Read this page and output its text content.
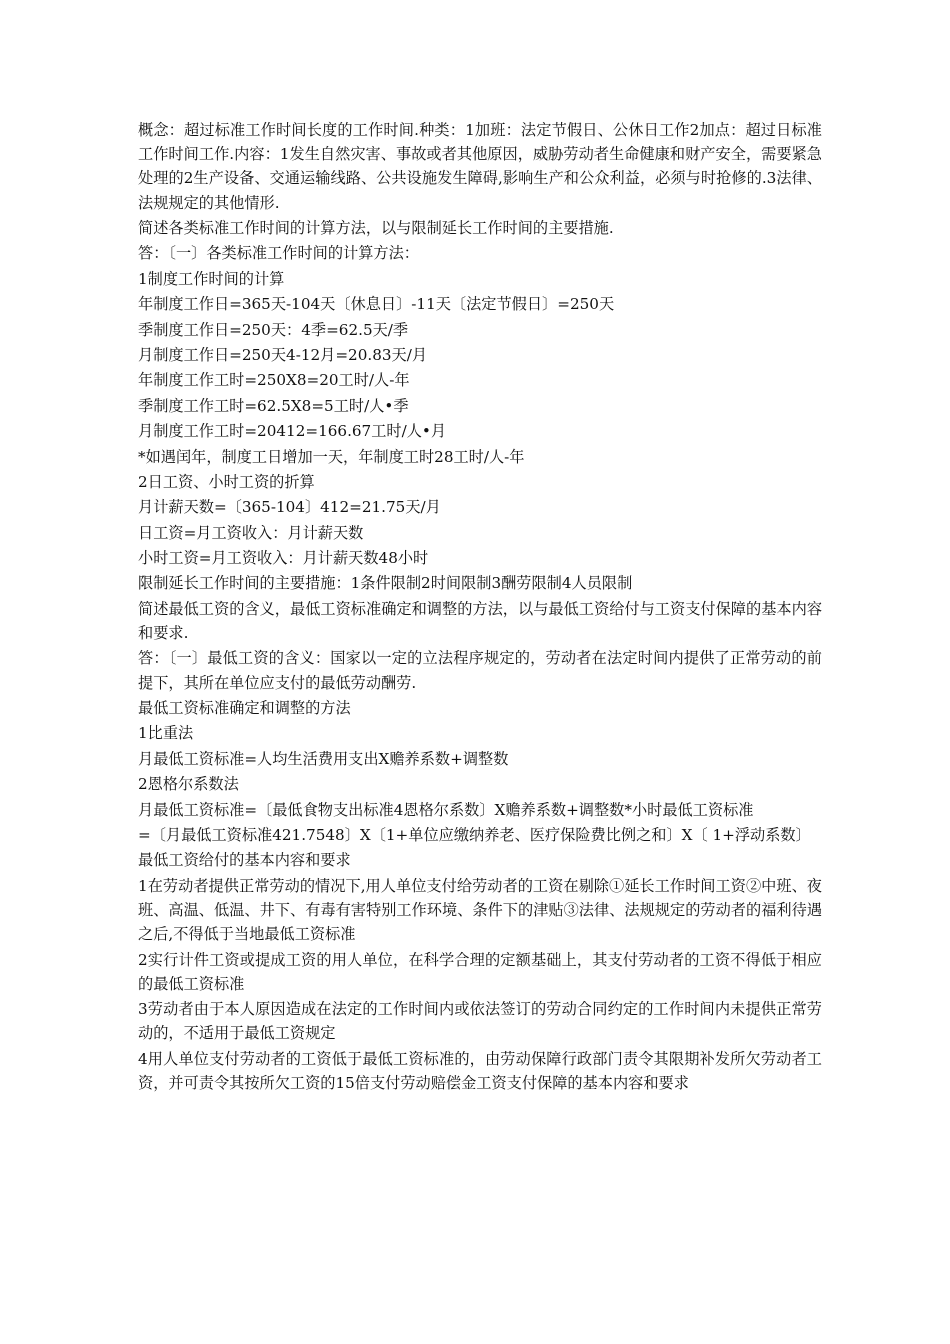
概念：超过标准工作时间长度的工作时间.种类：1加班：法定节假日、公休日工作2加点：超过日标准工作时间工作.内容：1发生自然灾害、事故或者其他原因，威胁劳动者生命健康和财产安全，需要紧急处理的2生产设备、交通运输线路、公共设施发生障碍,影响生产和公众利益，必须与时抢修的.3法律、法规规定的其他情形.

简述各类标准工作时间的计算方法，以与限制延长工作时间的主要措施.

答：〔一〕各类标准工作时间的计算方法：

1制度工作时间的计算

年制度工作日=365天-104天〔休息日〕-11天〔法定节假日〕=250天

季制度工作日=250天：4季=62.5天/季

月制度工作日=250天4-12月=20.83天/月

年制度工作工时=250X8=20工时/人-年

季制度工作工时=62.5X8=5工时/人•季

月制度工作工时=20412=166.67工时/人•月

*如遇闰年，制度工日增加一天，年制度工时28工时/人-年

2日工资、小时工资的折算

月计薪天数=〔365-104〕412=21.75天/月

日工资=月工资收入：月计薪天数

小时工资=月工资收入：月计薪天数48小时

限制延长工作时间的主要措施：1条件限制2时间限制3酬劳限制4人员限制

简述最低工资的含义，最低工资标准确定和调整的方法，以与最低工资给付与工资支付保障的基本内容和要求.

答：〔一〕最低工资的含义：国家以一定的立法程序规定的，劳动者在法定时间内提供了正常劳动的前提下，其所在单位应支付的最低劳动酬劳.

最低工资标准确定和调整的方法

1比重法

月最低工资标准=人均生活费用支出X赡养系数+调整数

2恩格尔系数法

月最低工资标准=〔最低食物支出标准4恩格尔系数〕X赡养系数+调整数*小时最低工资标准

=〔月最低工资标准421.7548〕X〔1+单位应缴纳养老、医疗保险费比例之和〕X〔 1+浮动系数〕

最低工资给付的基本内容和要求

1在劳动者提供正常劳动的情况下,用人单位支付给劳动者的工资在剔除①延长工作时间工资②中班、夜班、高温、低温、井下、有毒有害特别工作环境、条件下的津贴③法律、法规规定的劳动者的福利待遇之后,不得低于当地最低工资标准

2实行计件工资或提成工资的用人单位，在科学合理的定额基础上，其支付劳动者的工资不得低于相应的最低工资标准

3劳动者由于本人原因造成在法定的工作时间内或依法签订的劳动合同约定的工作时间内未提供正常劳动的，不适用于最低工资规定

4用人单位支付劳动者的工资低于最低工资标准的，由劳动保障行政部门责令其限期补发所欠劳动者工资，并可责令其按所欠工资的15倍支付劳动赔偿金工资支付保障的基本内容和要求
